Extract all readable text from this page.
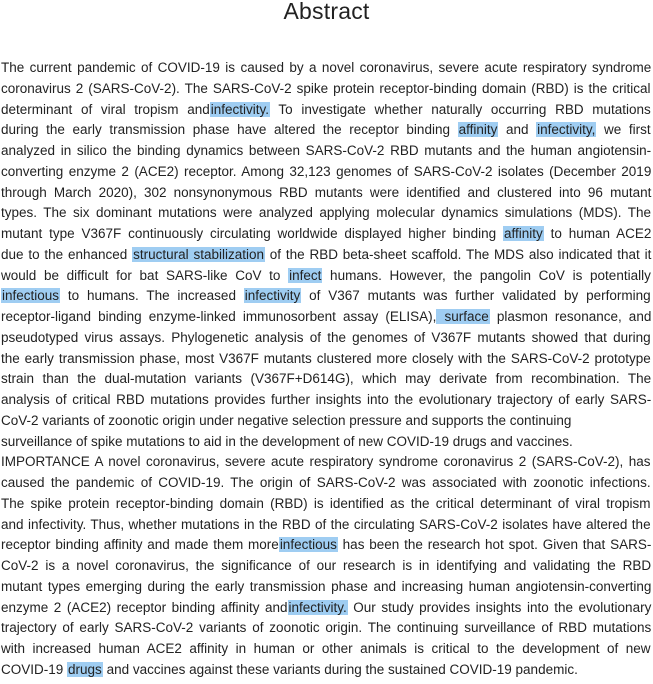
Abstract
The current pandemic of COVID-19 is caused by a novel coronavirus, severe acute respiratory syndrome
coronavirus 2 (SARS-CoV-2). The SARS-CoV-2 spike protein receptor-binding domain (RBD) is the critical
determinant of viral tropism andinfectivity. To investigate whether naturally occurring RBD mutations
during the early transmission phase have altered the receptor binding affinity and infectivity, we first
analyzed in silico the binding dynamics between SARS-CoV-2 RBD mutants and the human angiotensin-
converting enzyme 2 (ACE2) receptor. Among 32,123 genomes of SARS-CoV-2 isolates (December 2019
through March 2020), 302 nonsynonymous RBD mutants were identified and clustered into 96 mutant
types. The six dominant mutations were analyzed applying molecular dynamics simulations (MDS). The
mutant type V367F continuously circulating worldwide displayed higher binding affinity to human ACE2
due to the enhanced structural stabilization of the RBD beta-sheet scaffold. The MDS also indicated that it
would be difficult for bat SARS-like CoV to infect humans. However, the pangolin CoV is potentially
infectious to humans. The increased infectivity of V367 mutants was further validated by performing
receptor-ligand binding enzyme-linked immunosorbent assay (ELISA), surface plasmon resonance, and
pseudotyped virus assays. Phylogenetic analysis of the genomes of V367F mutants showed that during
the early transmission phase, most V367F mutants clustered more closely with the SARS-CoV-2 prototype
strain than the dual-mutation variants (V367F+D614G), which may derivate from recombination. The
analysis of critical RBD mutations provides further insights into the evolutionary trajectory of early SARS-
CoV-2 variants of zoonotic origin under negative selection pressure and supports the continuing
surveillance of spike mutations to aid in the development of new COVID-19 drugs and vaccines.
IMPORTANCE A novel coronavirus, severe acute respiratory syndrome coronavirus 2 (SARS-CoV-2), has
caused the pandemic of COVID-19. The origin of SARS-CoV-2 was associated with zoonotic infections.
The spike protein receptor-binding domain (RBD) is identified as the critical determinant of viral tropism
and infectivity. Thus, whether mutations in the RBD of the circulating SARS-CoV-2 isolates have altered the
receptor binding affinity and made them moreinfectious has been the research hot spot. Given that SARS-
CoV-2 is a novel coronavirus, the significance of our research is in identifying and validating the RBD
mutant types emerging during the early transmission phase and increasing human angiotensin-converting
enzyme 2 (ACE2) receptor binding affinity andinfectivity. Our study provides insights into the evolutionary
trajectory of early SARS-CoV-2 variants of zoonotic origin. The continuing surveillance of RBD mutations
with increased human ACE2 affinity in human or other animals is critical to the development of new
COVID-19 drugs and vaccines against these variants during the sustained COVID-19 pandemic.
